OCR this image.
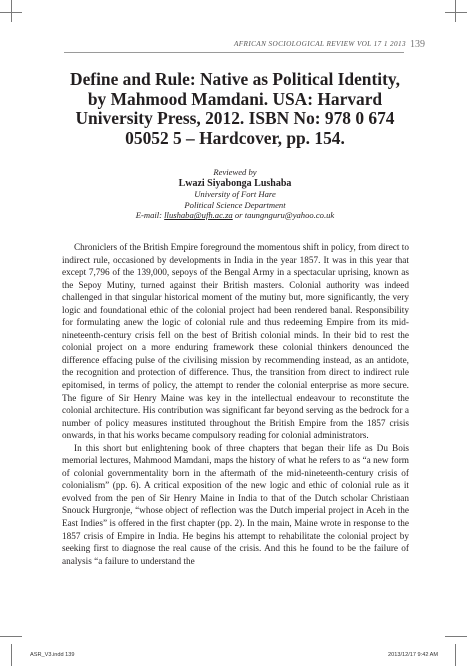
AFRICAN SOCIOLOGICAL REVIEW VOL 17 1 2013 139
Define and Rule: Native as Political Identity, by Mahmood Mamdani. USA: Harvard University Press, 2012. ISBN No: 978 0 674 05052 5 – Hardcover, pp. 154.
Reviewed by
Lwazi Siyabonga Lushaba
University of Fort Hare
Political Science Department
E-mail: llushaba@ufh.ac.za or taungnguru@yahoo.co.uk

Chroniclers of the British Empire foreground the momentous shift in policy, from direct to indirect rule, occasioned by developments in India in the year 1857. It was in this year that except 7,796 of the 139,000, sepoys of the Bengal Army in a spectacular uprising, known as the Sepoy Mutiny, turned against their British masters. Colonial authority was indeed challenged in that singular historical moment of the mutiny but, more significantly, the very logic and foundational ethic of the colonial project had been rendered banal. Responsibility for formulating anew the logic of colonial rule and thus redeeming Empire from its mid-nineteenth-century crisis fell on the best of British colonial minds. In their bid to rest the colonial project on a more enduring framework these colonial thinkers denounced the difference effacing pulse of the civilising mission by recommending instead, as an antidote, the recognition and protection of difference. Thus, the transition from direct to indirect rule epitomised, in terms of policy, the attempt to render the colonial enterprise as more secure. The figure of Sir Henry Maine was key in the intellectual endeavour to reconstitute the colonial architecture. His contribution was significant far beyond serving as the bedrock for a number of policy measures instituted throughout the British Empire from the 1857 crisis onwards, in that his works became compulsory reading for colonial administrators.

In this short but enlightening book of three chapters that began their life as Du Bois memorial lectures, Mahmood Mamdani, maps the history of what he refers to as “a new form of colonial governmentality born in the aftermath of the mid-nineteenth-century crisis of colonialism” (pp. 6). A critical exposition of the new logic and ethic of colonial rule as it evolved from the pen of Sir Henry Maine in India to that of the Dutch scholar Christiaan Snouck Hurgronje, “whose object of reflection was the Dutch imperial project in Aceh in the East Indies” is offered in the first chapter (pp. 2). In the main, Maine wrote in response to the 1857 crisis of Empire in India. He begins his attempt to rehabilitate the colonial project by seeking first to diagnose the real cause of the crisis. And this he found to be the failure of analysis “a failure to understand the

ASR_V3.indd 139	2013/12/17 9:42 AM
